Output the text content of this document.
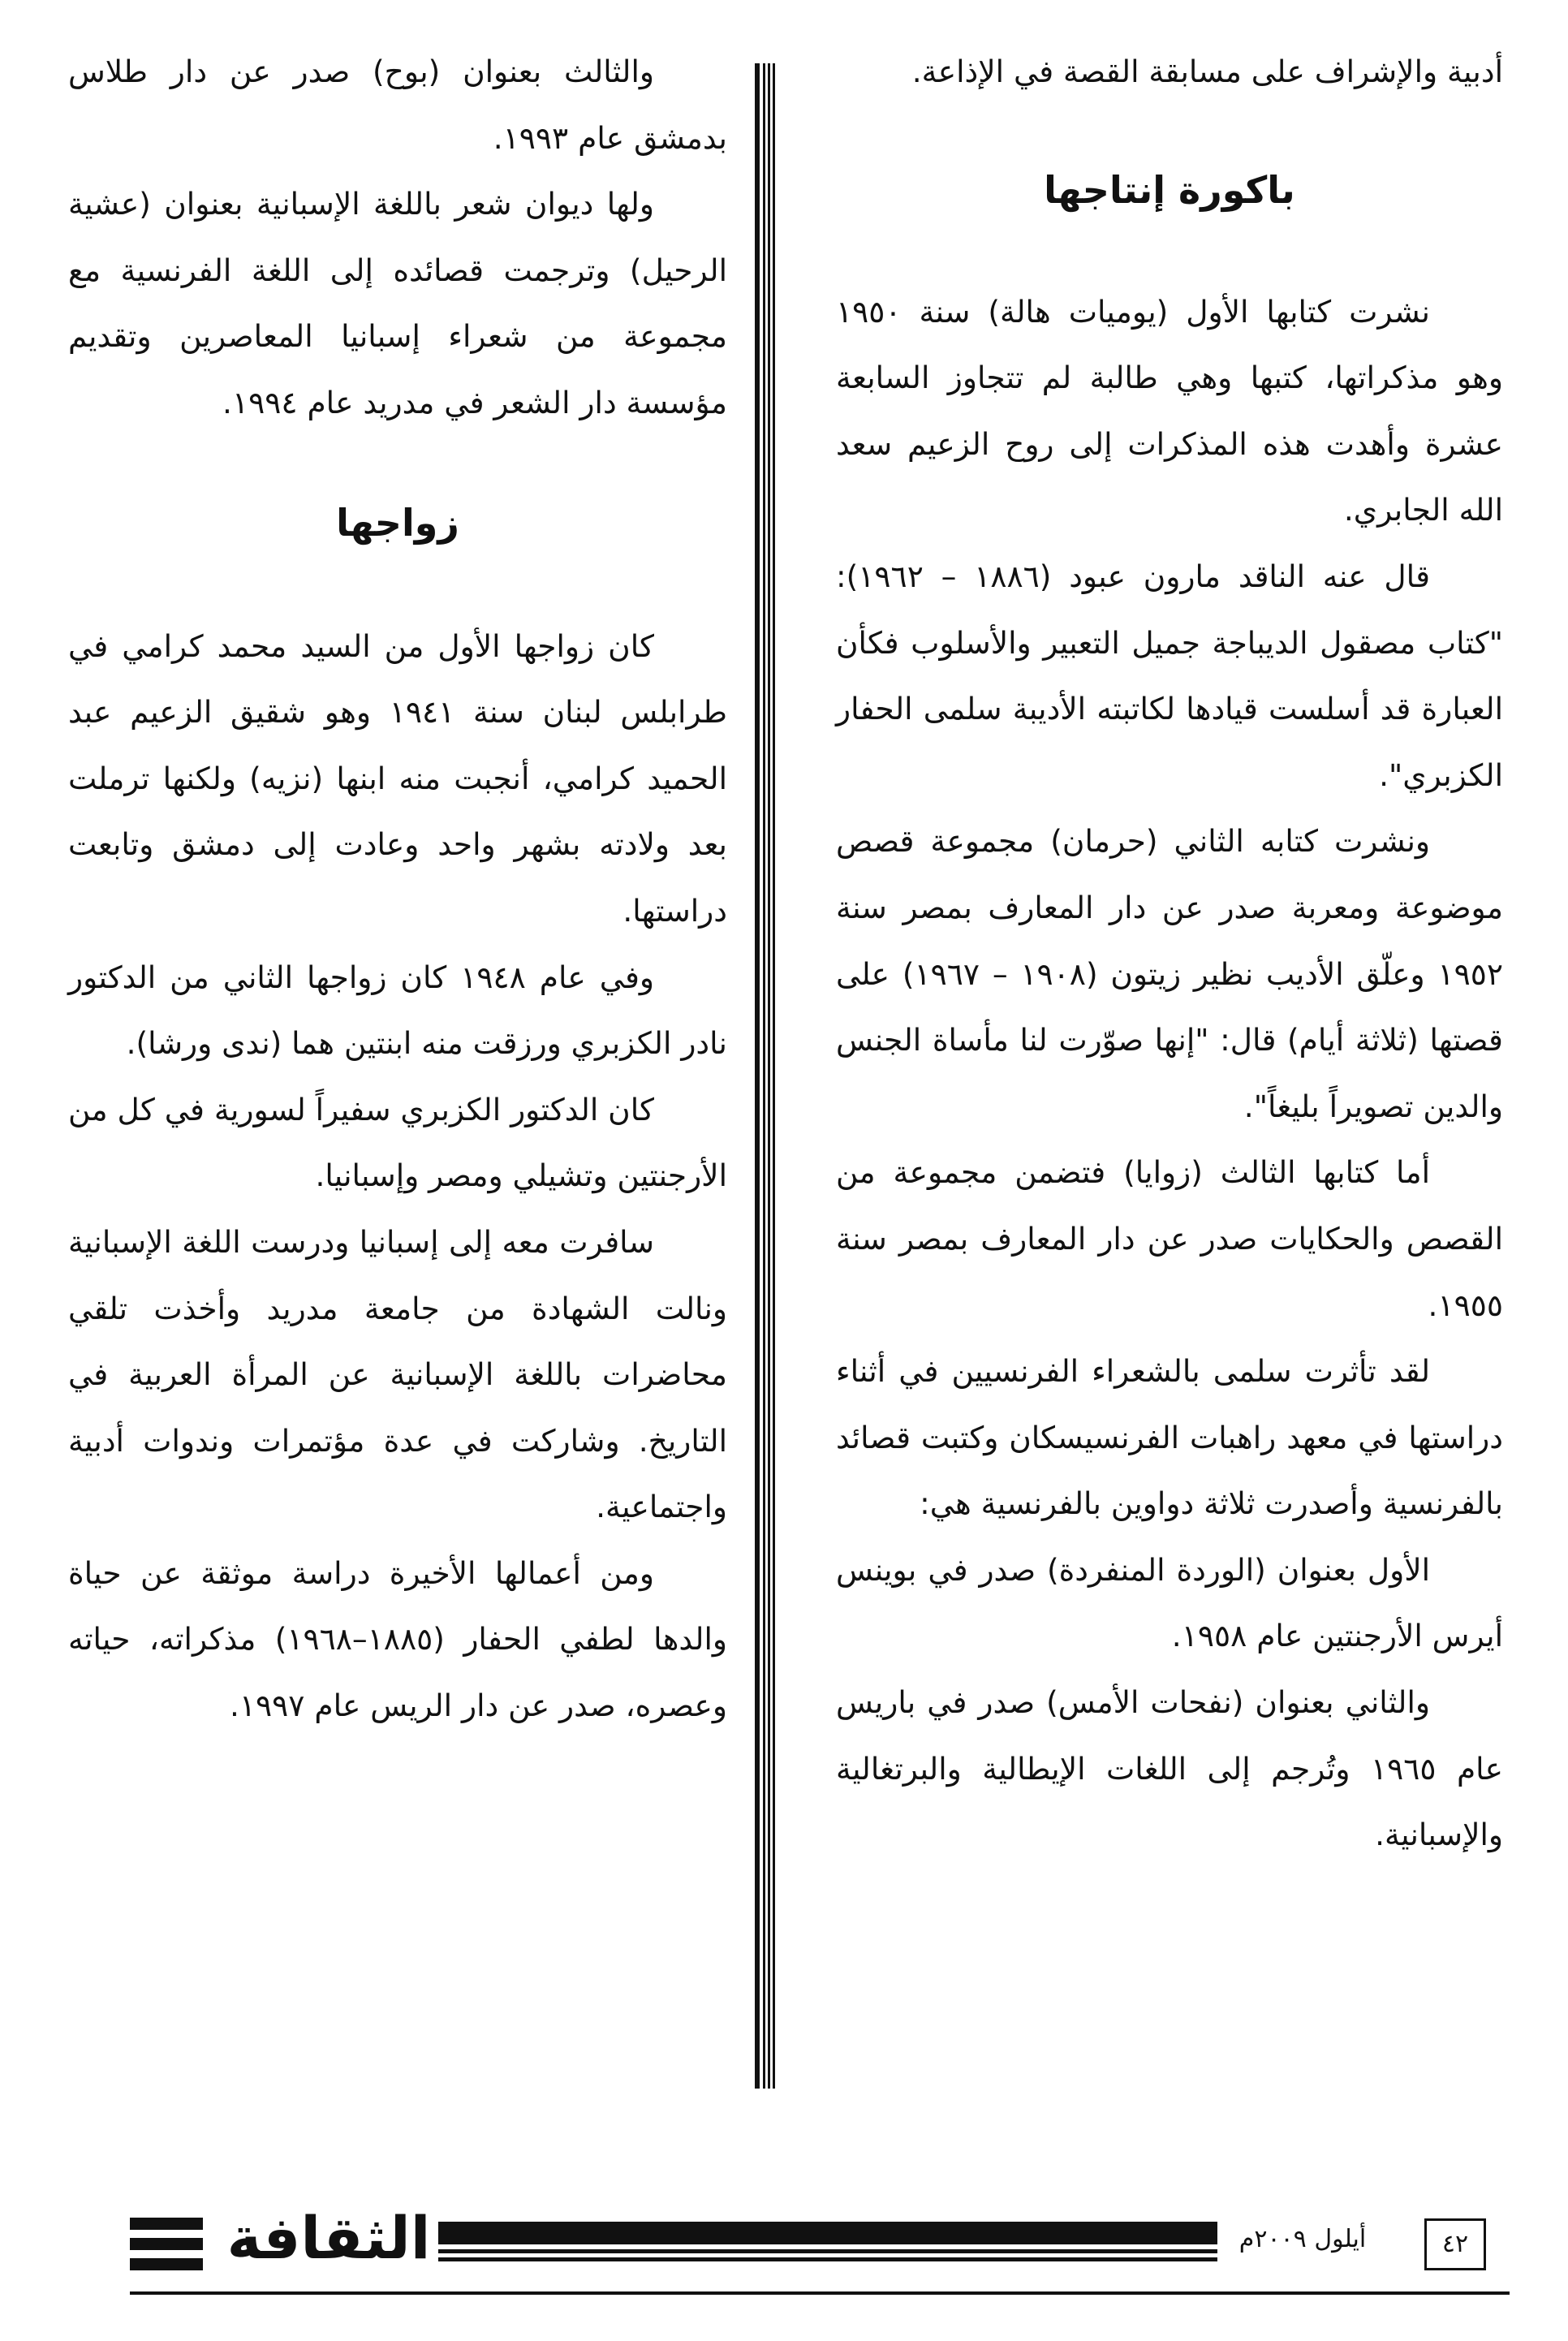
أدبية والإشراف على مسابقة القصة في الإذاعة.

باكورة إنتاجها

نشرت كتابها الأول (يوميات هالة) سنة ١٩٥٠ وهو مذكراتها، كتبها وهي طالبة لم تتجاوز السابعة عشرة وأهدت هذه المذكرات إلى روح الزعيم سعد الله الجابري.

قال عنه الناقد مارون عبود (١٨٨٦ – ١٩٦٢): "كتاب مصقول الديباجة جميل التعبير والأسلوب فكأن العبارة قد أسلست قيادها لكاتبته الأديبة سلمى الحفار الكزبري".

ونشرت كتابه الثاني (حرمان) مجموعة قصص موضوعة ومعربة صدر عن دار المعارف بمصر سنة ١٩٥٢ وعلّق الأديب نظير زيتون (١٩٠٨ – ١٩٦٧) على قصتها (ثلاثة أيام) قال: "إنها صوّرت لنا مأساة الجنس والدين تصويراً بليغاً".

أما كتابها الثالث (زوايا) فتضمن مجموعة من القصص والحكايات صدر عن دار المعارف بمصر سنة ١٩٥٥.

لقد تأثرت سلمى بالشعراء الفرنسيين في أثناء دراستها في معهد راهبات الفرنسيسكان وكتبت قصائد بالفرنسية وأصدرت ثلاثة دواوين بالفرنسية هي:

الأول بعنوان (الوردة المنفردة) صدر في بوينس أيرس الأرجنتين عام ١٩٥٨.

والثاني بعنوان (نفحات الأمس) صدر في باريس عام ١٩٦٥ وتُرجم إلى اللغات الإيطالية والبرتغالية والإسبانية.

والثالث بعنوان (بوح) صدر عن دار طلاس بدمشق عام ١٩٩٣.

ولها ديوان شعر باللغة الإسبانية بعنوان (عشية الرحيل) وترجمت قصائده إلى اللغة الفرنسية مع مجموعة من شعراء إسبانيا المعاصرين وتقديم مؤسسة دار الشعر في مدريد عام ١٩٩٤.

زواجها

كان زواجها الأول من السيد محمد كرامي في طرابلس لبنان سنة ١٩٤١ وهو شقيق الزعيم عبد الحميد كرامي، أنجبت منه ابنها (نزيه) ولكنها ترملت بعد ولادته بشهر واحد وعادت إلى دمشق وتابعت دراستها.

وفي عام ١٩٤٨ كان زواجها الثاني من الدكتور نادر الكزبري ورزقت منه ابنتين هما (ندى ورشا).

كان الدكتور الكزبري سفيراً لسورية في كل من الأرجنتين وتشيلي ومصر وإسبانيا.

سافرت معه إلى إسبانيا ودرست اللغة الإسبانية ونالت الشهادة من جامعة مدريد وأخذت تلقي محاضرات باللغة الإسبانية عن المرأة العربية في التاريخ. وشاركت في عدة مؤتمرات وندوات أدبية واجتماعية.

ومن أعمالها الأخيرة دراسة موثقة عن حياة والدها لطفي الحفار (١٨٨٥–١٩٦٨) مذكراته، حياته وعصره، صدر عن دار الريس عام ١٩٩٧.

الثقافة	أيلول ٢٠٠٩م	٤٢
